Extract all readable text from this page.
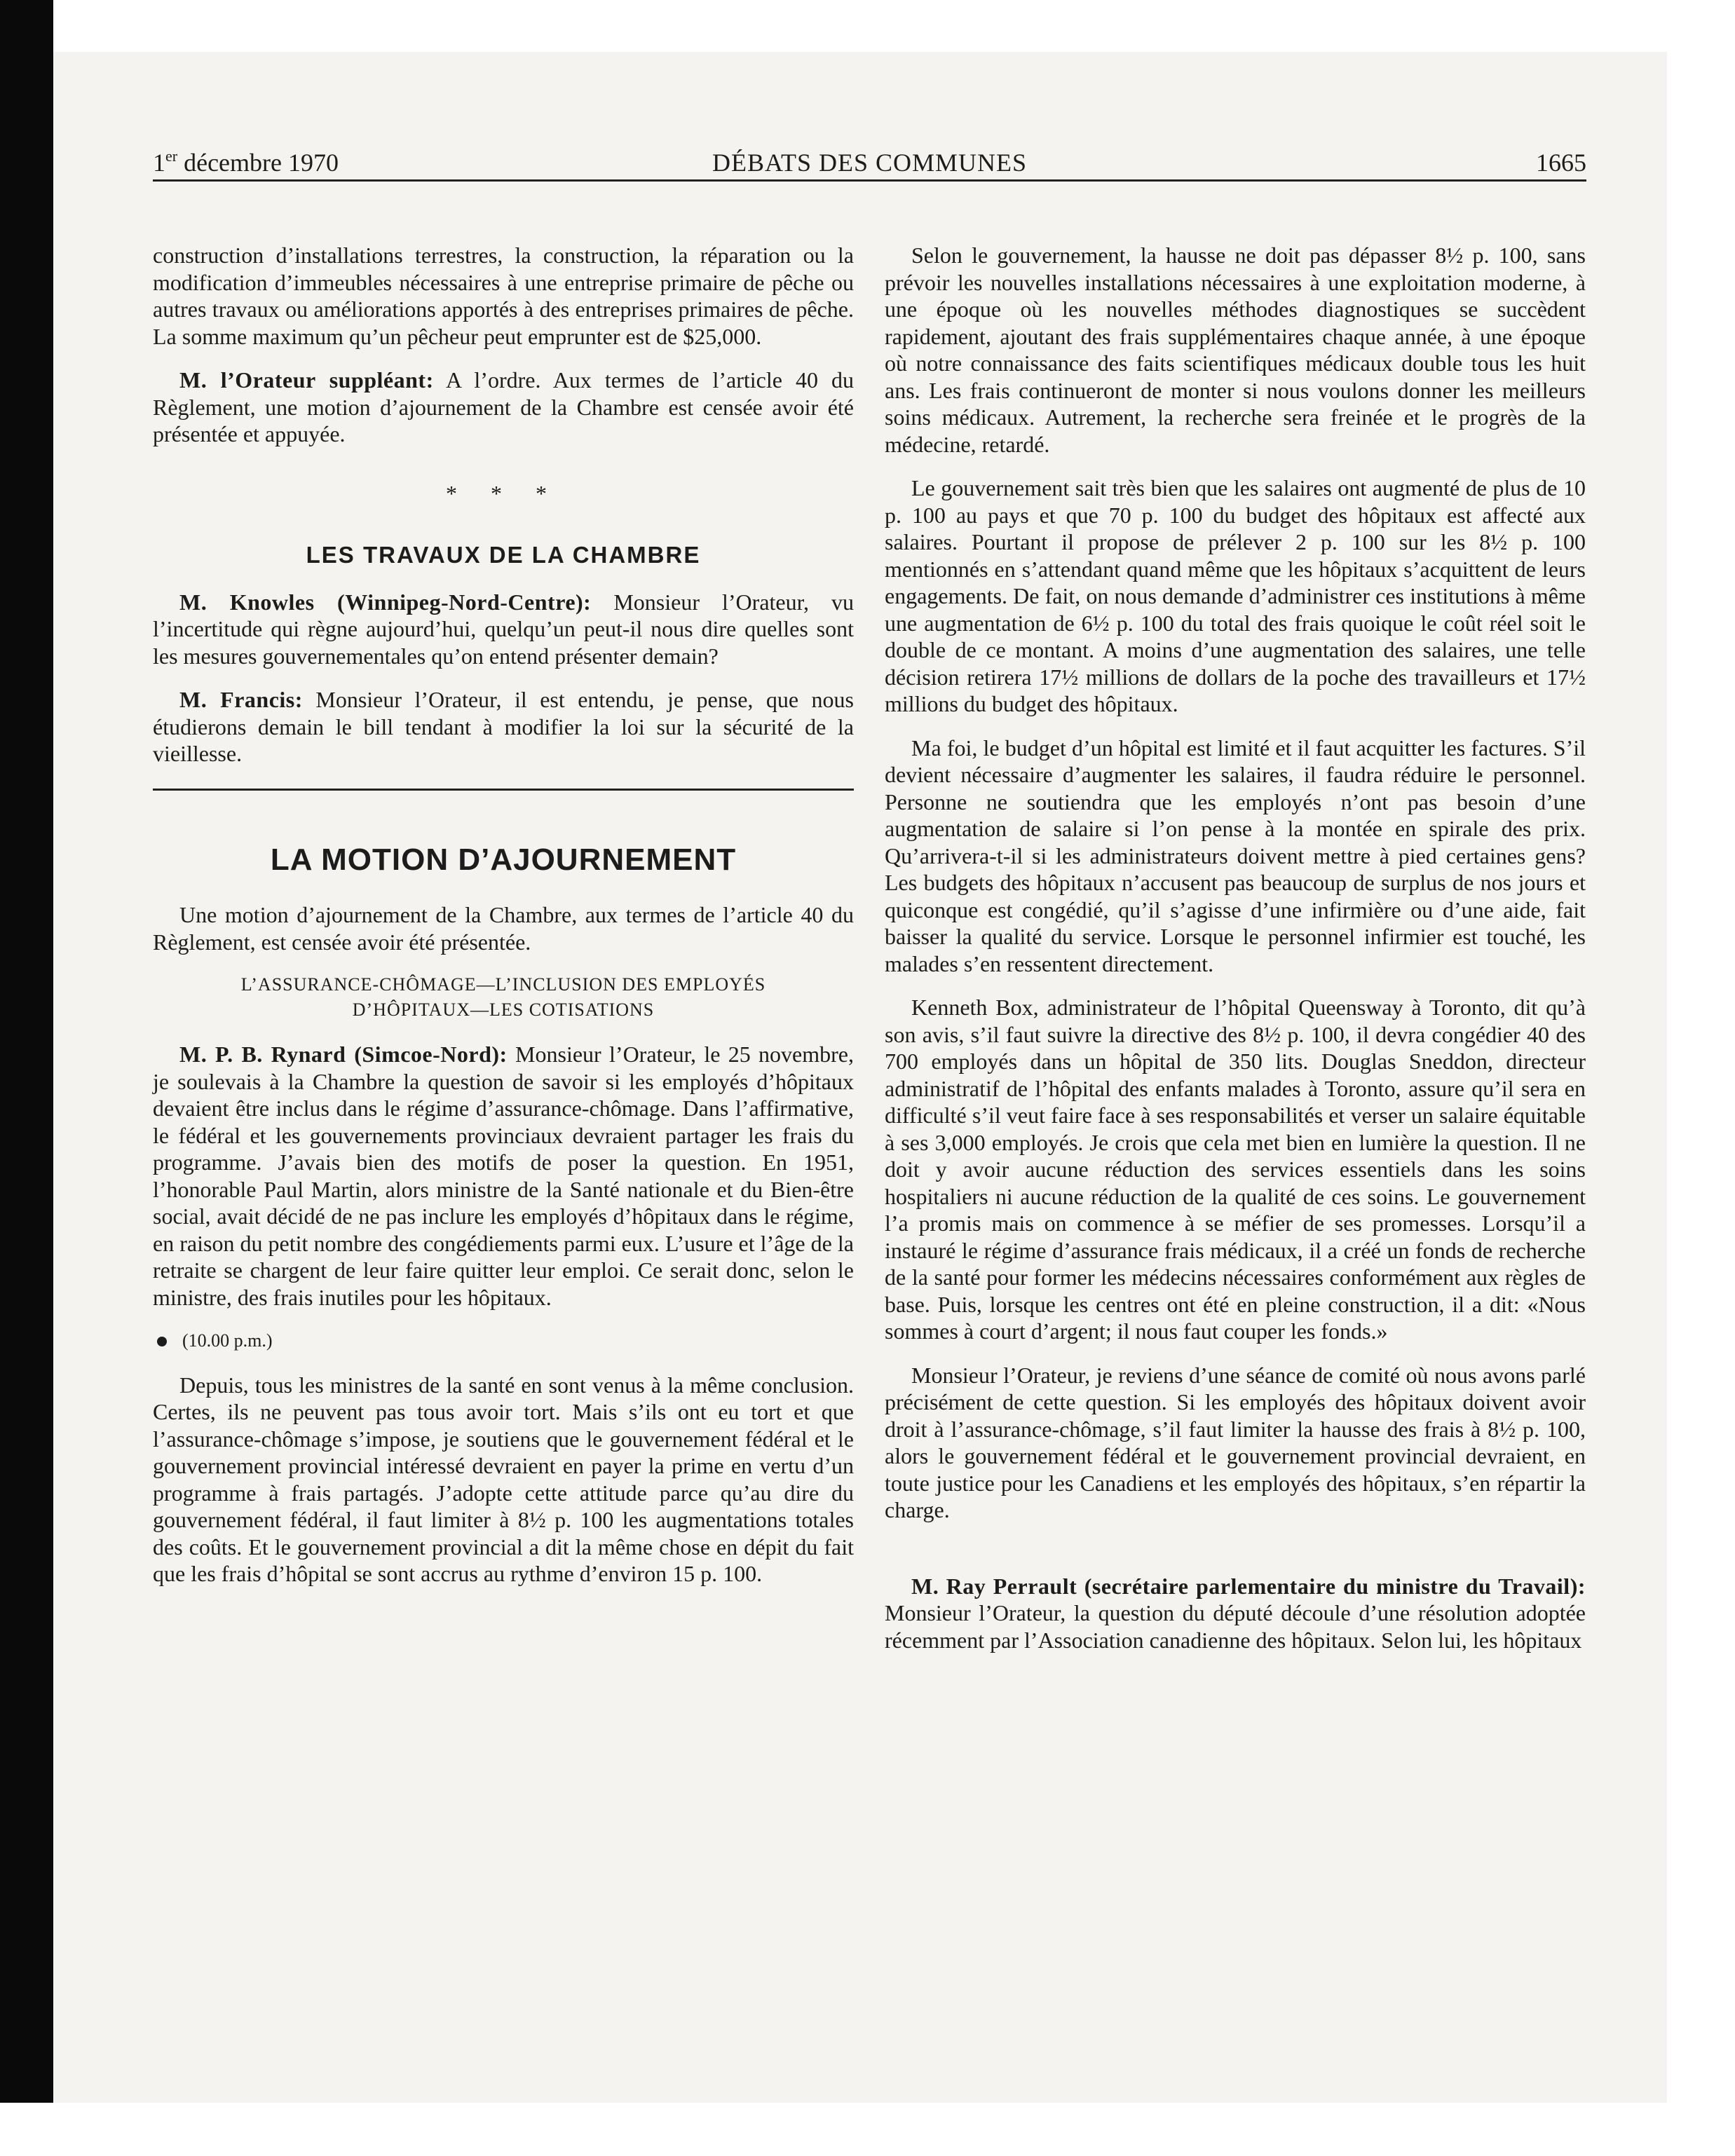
1er décembre 1970	DÉBATS DES COMMUNES	1665

construction d’installations terrestres, la construction, la réparation ou la modification d’immeubles nécessaires à une entreprise primaire de pêche ou autres travaux ou améliorations apportés à des entreprises primaires de pêche. La somme maximum qu’un pêcheur peut emprunter est de $25,000.

M. l’Orateur suppléant: A l’ordre. Aux termes de l’article 40 du Règlement, une motion d’ajournement de la Chambre est censée avoir été présentée et appuyée.

* * *
LES TRAVAUX DE LA CHAMBRE

M. Knowles (Winnipeg-Nord-Centre): Monsieur l’Orateur, vu l’incertitude qui règne aujourd’hui, quelqu’un peut-il nous dire quelles sont les mesures gouvernementales qu’on entend présenter demain?

M. Francis: Monsieur l’Orateur, il est entendu, je pense, que nous étudierons demain le bill tendant à modifier la loi sur la sécurité de la vieillesse.

LA MOTION D’AJOURNEMENT

Une motion d’ajournement de la Chambre, aux termes de l’article 40 du Règlement, est censée avoir été présentée.

L’ASSURANCE-CHÔMAGE—L’INCLUSION DES EMPLOYÉS
D’HÔPITAUX—LES COTISATIONS

M. P. B. Rynard (Simcoe-Nord): Monsieur l’Orateur, le 25 novembre, je soulevais à la Chambre la question de savoir si les employés d’hôpitaux devaient être inclus dans le régime d’assurance-chômage. Dans l’affirmative, le fédéral et les gouvernements provinciaux devraient partager les frais du programme. J’avais bien des motifs de poser la question. En 1951, l’honorable Paul Martin, alors ministre de la Santé nationale et du Bien-être social, avait décidé de ne pas inclure les employés d’hôpitaux dans le régime, en raison du petit nombre des congédiements parmi eux. L’usure et l’âge de la retraite se chargent de leur faire quitter leur emploi. Ce serait donc, selon le ministre, des frais inutiles pour les hôpitaux.

(10.00 p.m.)

Depuis, tous les ministres de la santé en sont venus à la même conclusion. Certes, ils ne peuvent pas tous avoir tort. Mais s’ils ont eu tort et que l’assurance-chômage s’impose, je soutiens que le gouvernement fédéral et le gouvernement provincial intéressé devraient en payer la prime en vertu d’un programme à frais partagés. J’adopte cette attitude parce qu’au dire du gouvernement fédéral, il faut limiter à 8½ p. 100 les augmentations totales des coûts. Et le gouvernement provincial a dit la même chose en dépit du fait que les frais d’hôpital se sont accrus au rythme d’environ 15 p. 100.

Selon le gouvernement, la hausse ne doit pas dépasser 8½ p. 100, sans prévoir les nouvelles installations nécessaires à une exploitation moderne, à une époque où les nouvelles méthodes diagnostiques se succèdent rapidement, ajoutant des frais supplémentaires chaque année, à une époque où notre connaissance des faits scientifiques médicaux double tous les huit ans. Les frais continueront de monter si nous voulons donner les meilleurs soins médicaux. Autrement, la recherche sera freinée et le progrès de la médecine, retardé.

Le gouvernement sait très bien que les salaires ont augmenté de plus de 10 p. 100 au pays et que 70 p. 100 du budget des hôpitaux est affecté aux salaires. Pourtant il propose de prélever 2 p. 100 sur les 8½ p. 100 mentionnés en s’attendant quand même que les hôpitaux s’acquittent de leurs engagements. De fait, on nous demande d’administrer ces institutions à même une augmentation de 6½ p. 100 du total des frais quoique le coût réel soit le double de ce montant. A moins d’une augmentation des salaires, une telle décision retirera 17½ millions de dollars de la poche des travailleurs et 17½ millions du budget des hôpitaux.

Ma foi, le budget d’un hôpital est limité et il faut acquitter les factures. S’il devient nécessaire d’augmenter les salaires, il faudra réduire le personnel. Personne ne soutiendra que les employés n’ont pas besoin d’une augmentation de salaire si l’on pense à la montée en spirale des prix. Qu’arrivera-t-il si les administrateurs doivent mettre à pied certaines gens? Les budgets des hôpitaux n’accusent pas beaucoup de surplus de nos jours et quiconque est congédié, qu’il s’agisse d’une infirmière ou d’une aide, fait baisser la qualité du service. Lorsque le personnel infirmier est touché, les malades s’en ressentent directement.

Kenneth Box, administrateur de l’hôpital Queensway à Toronto, dit qu’à son avis, s’il faut suivre la directive des 8½ p. 100, il devra congédier 40 des 700 employés dans un hôpital de 350 lits. Douglas Sneddon, directeur administratif de l’hôpital des enfants malades à Toronto, assure qu’il sera en difficulté s’il veut faire face à ses responsabilités et verser un salaire équitable à ses 3,000 employés. Je crois que cela met bien en lumière la question. Il ne doit y avoir aucune réduction des services essentiels dans les soins hospitaliers ni aucune réduction de la qualité de ces soins. Le gouvernement l’a promis mais on commence à se méfier de ses promesses. Lorsqu’il a instauré le régime d’assurance frais médicaux, il a créé un fonds de recherche de la santé pour former les médecins nécessaires conformément aux règles de base. Puis, lorsque les centres ont été en pleine construction, il a dit: «Nous sommes à court d’argent; il nous faut couper les fonds.»

Monsieur l’Orateur, je reviens d’une séance de comité où nous avons parlé précisément de cette question. Si les employés des hôpitaux doivent avoir droit à l’assurance-chômage, s’il faut limiter la hausse des frais à 8½ p. 100, alors le gouvernement fédéral et le gouvernement provincial devraient, en toute justice pour les Canadiens et les employés des hôpitaux, s’en répartir la charge.

M. Ray Perrault (secrétaire parlementaire du ministre du Travail): Monsieur l’Orateur, la question du député découle d’une résolution adoptée récemment par l’Association canadienne des hôpitaux. Selon lui, les hôpitaux
